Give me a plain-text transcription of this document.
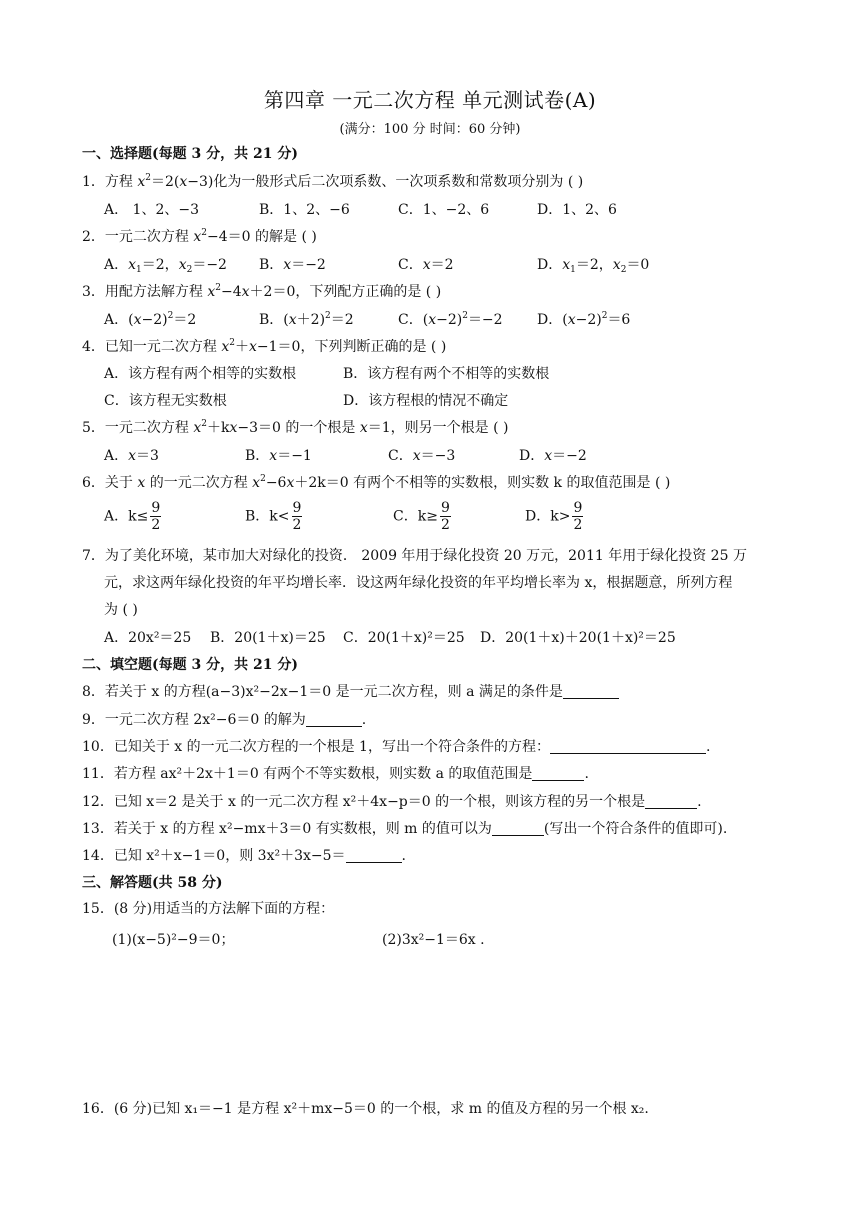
第四章 一元二次方程 单元测试卷(A)
(满分：100 分 时间：60 分钟)
一、选择题(每题 3 分，共 21 分)
1．方程 $x^2=2(x-3)$化为一般形式后二次项系数、一次项系数和常数项分别为 ( )
A． 1、2、−3	B．1、2、−6	C．1、−2、6	D．1、2、6
2．一元二次方程 $x^2-4=0$ 的解是 ( )
A．$x_1=2$，$x_2=-2$ B．x＝−2	C．x＝2	D．$x_1=2$，$x_2=0$
3．用配方法解方程 $x^2-4x+2=0$，下列配方正确的是 ( )
A．$(x-2)^2=2$	B．$(x+2)^2=2$	C．$(x-2)^2=-2$ D．$(x-2)^2=6$
4．已知一元二次方程 $x^2+x-1=0$，下列判断正确的是 ( )
A．该方程有两个相等的实数根	B．该方程有两个不相等的实数根
C．该方程无实数根	D．该方程根的情况不确定
5．一元二次方程 $x^2+kx-3=0$ 的一个根是 x＝1，则另一个根是 ( )
A．x＝3	B．x＝−1	C．x＝−3	D．x＝−2
6．关于 x 的一元二次方程 $x^2-6x+2k=0$ 有两个不相等的实数根，则实数 k 的取值范围是 ( )
A．$k\le \frac{9}{2}$	B．$k< \frac{9}{2}$	C．$k\ge \frac{9}{2}$	D．$k> \frac{9}{2}$
7．为了美化环境，某市加大对绿化的投资． 2009 年用于绿化投资 20 万元，2011 年用于绿化投资 25 万
元，求这两年绿化投资的年平均增长率．设这两年绿化投资的年平均增长率为 x，根据题意，所列方程
为 ( )
A．20x²＝25 B．20(1＋x)＝25 C．20(1＋x)²＝25 D．20(1＋x)＋20(1＋x)²＝25
二、填空题(每题 3 分，共 21 分)
8．若关于 x 的方程(a−3)x²−2x−1＝0 是一元二次方程，则 a 满足的条件是
9．一元二次方程 2x²−6＝0 的解为	.
10．已知关于 x 的一元二次方程的一个根是 1，写出一个符合条件的方程：	.
11．若方程 ax²＋2x＋1＝0 有两个不等实数根，则实数 a 的取值范围是	.
12．已知 x＝2 是关于 x 的一元二次方程 x²＋4x−p＝0 的一个根，则该方程的另一个根是	.
13．若关于 x 的方程 x²−mx＋3＝0 有实数根，则 m 的值可以为	(写出一个符合条件的值即可).
14．已知 x²＋x−1＝0，则 3x²＋3x−5＝	.
三、解答题(共 58 分)
15．(8 分)用适当的方法解下面的方程：
(1)(x−5)²−9＝0；	(2)3x²−1＝6x .
16．(6 分)已知 x₁＝−1 是方程 x²＋mx−5＝0 的一个根，求 m 的值及方程的另一个根 x₂.
